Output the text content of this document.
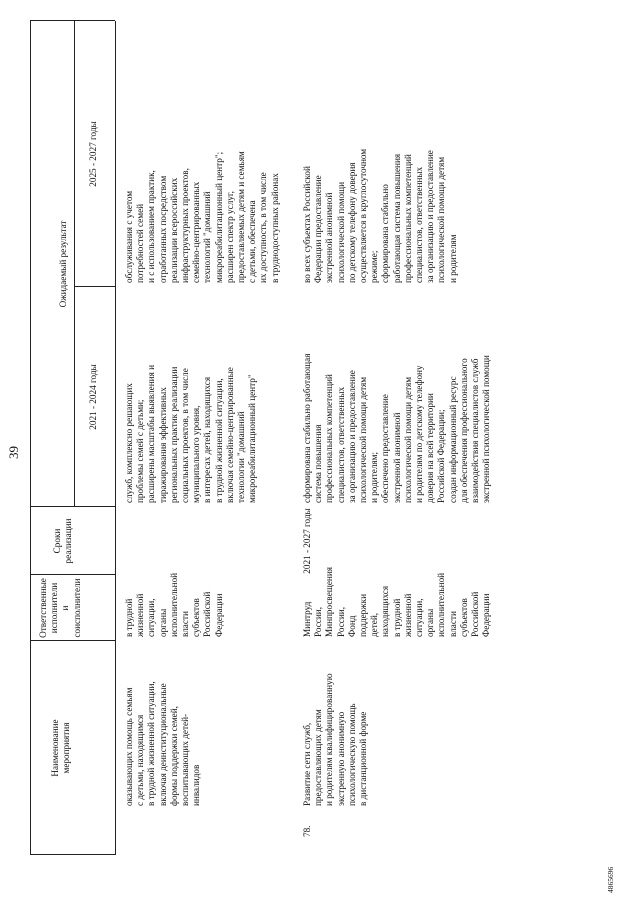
39
Наименование
мероприятия
Ответственные
исполнители
и соисполнители
Сроки
реализации
Ожидаемый результат
2021 - 2024 годы
2025 - 2027 годы
оказывающих помощь семьям
с детьми, находящимся
в трудной жизненной ситуации,
включая деинституциональные
формы поддержки семей,
воспитывающих детей-
инвалидов
в трудной жизненной
ситуации,
органы
исполнительной
власти субъектов
Российской
Федерации
служб, комплексно решающих
проблемы семей с детьми;
расширены масштабы выявления и
тиражирования эффективных
региональных практик реализации
социальных проектов, в том числе
муниципального уровня,
в интересах детей, находящихся
в трудной жизненной ситуации,
включая семейно-центрированные
технологии "домашний
микрореабилитационный центр"
обслуживания с учетом
потребностей семей
и с использованием практик,
отработанных посредством
реализации всероссийских
инфраструктурных проектов,
семейно-центрированных
технологий "домашний
микрореабилитационный центр";
расширен спектр услуг,
предоставляемых детям и семьям
с детьми, обеспечена
их доступность, в том числе
в труднодоступных районах
78.
Развитие сети служб,
предоставляющих детям
и родителям квалифицированную
экстренную анонимную
психологическую помощь
в дистанционной форме
Минтруд России,
Минпросвещения
России,
Фонд поддержки
детей, находящихся
в трудной жизненной
ситуации,
органы
исполнительной
власти субъектов
Российской
Федерации
2021 - 2027 годы
сформирована стабильно работающая
система повышения
профессиональных компетенций
специалистов, ответственных
за организацию и предоставление
психологической помощи детям
и родителям;
обеспечено предоставление
экстренной анонимной
психологической помощи детям
и родителям по детскому телефону
доверия на всей территории
Российской Федерации;
создан информационный ресурс
для обеспечения профессионального
взаимодействия специалистов служб
экстренной психологической помощи
во всех субъектах Российской
Федерации предоставление
экстренной анонимной
психологической помощи
по детскому телефону доверия
осуществляется в круглосуточном
режиме;
сформирована стабильно
работающая система повышения
профессиональных компетенций
специалистов, ответственных
за организацию и предоставление
психологической помощи детям
и родителям
4865696
